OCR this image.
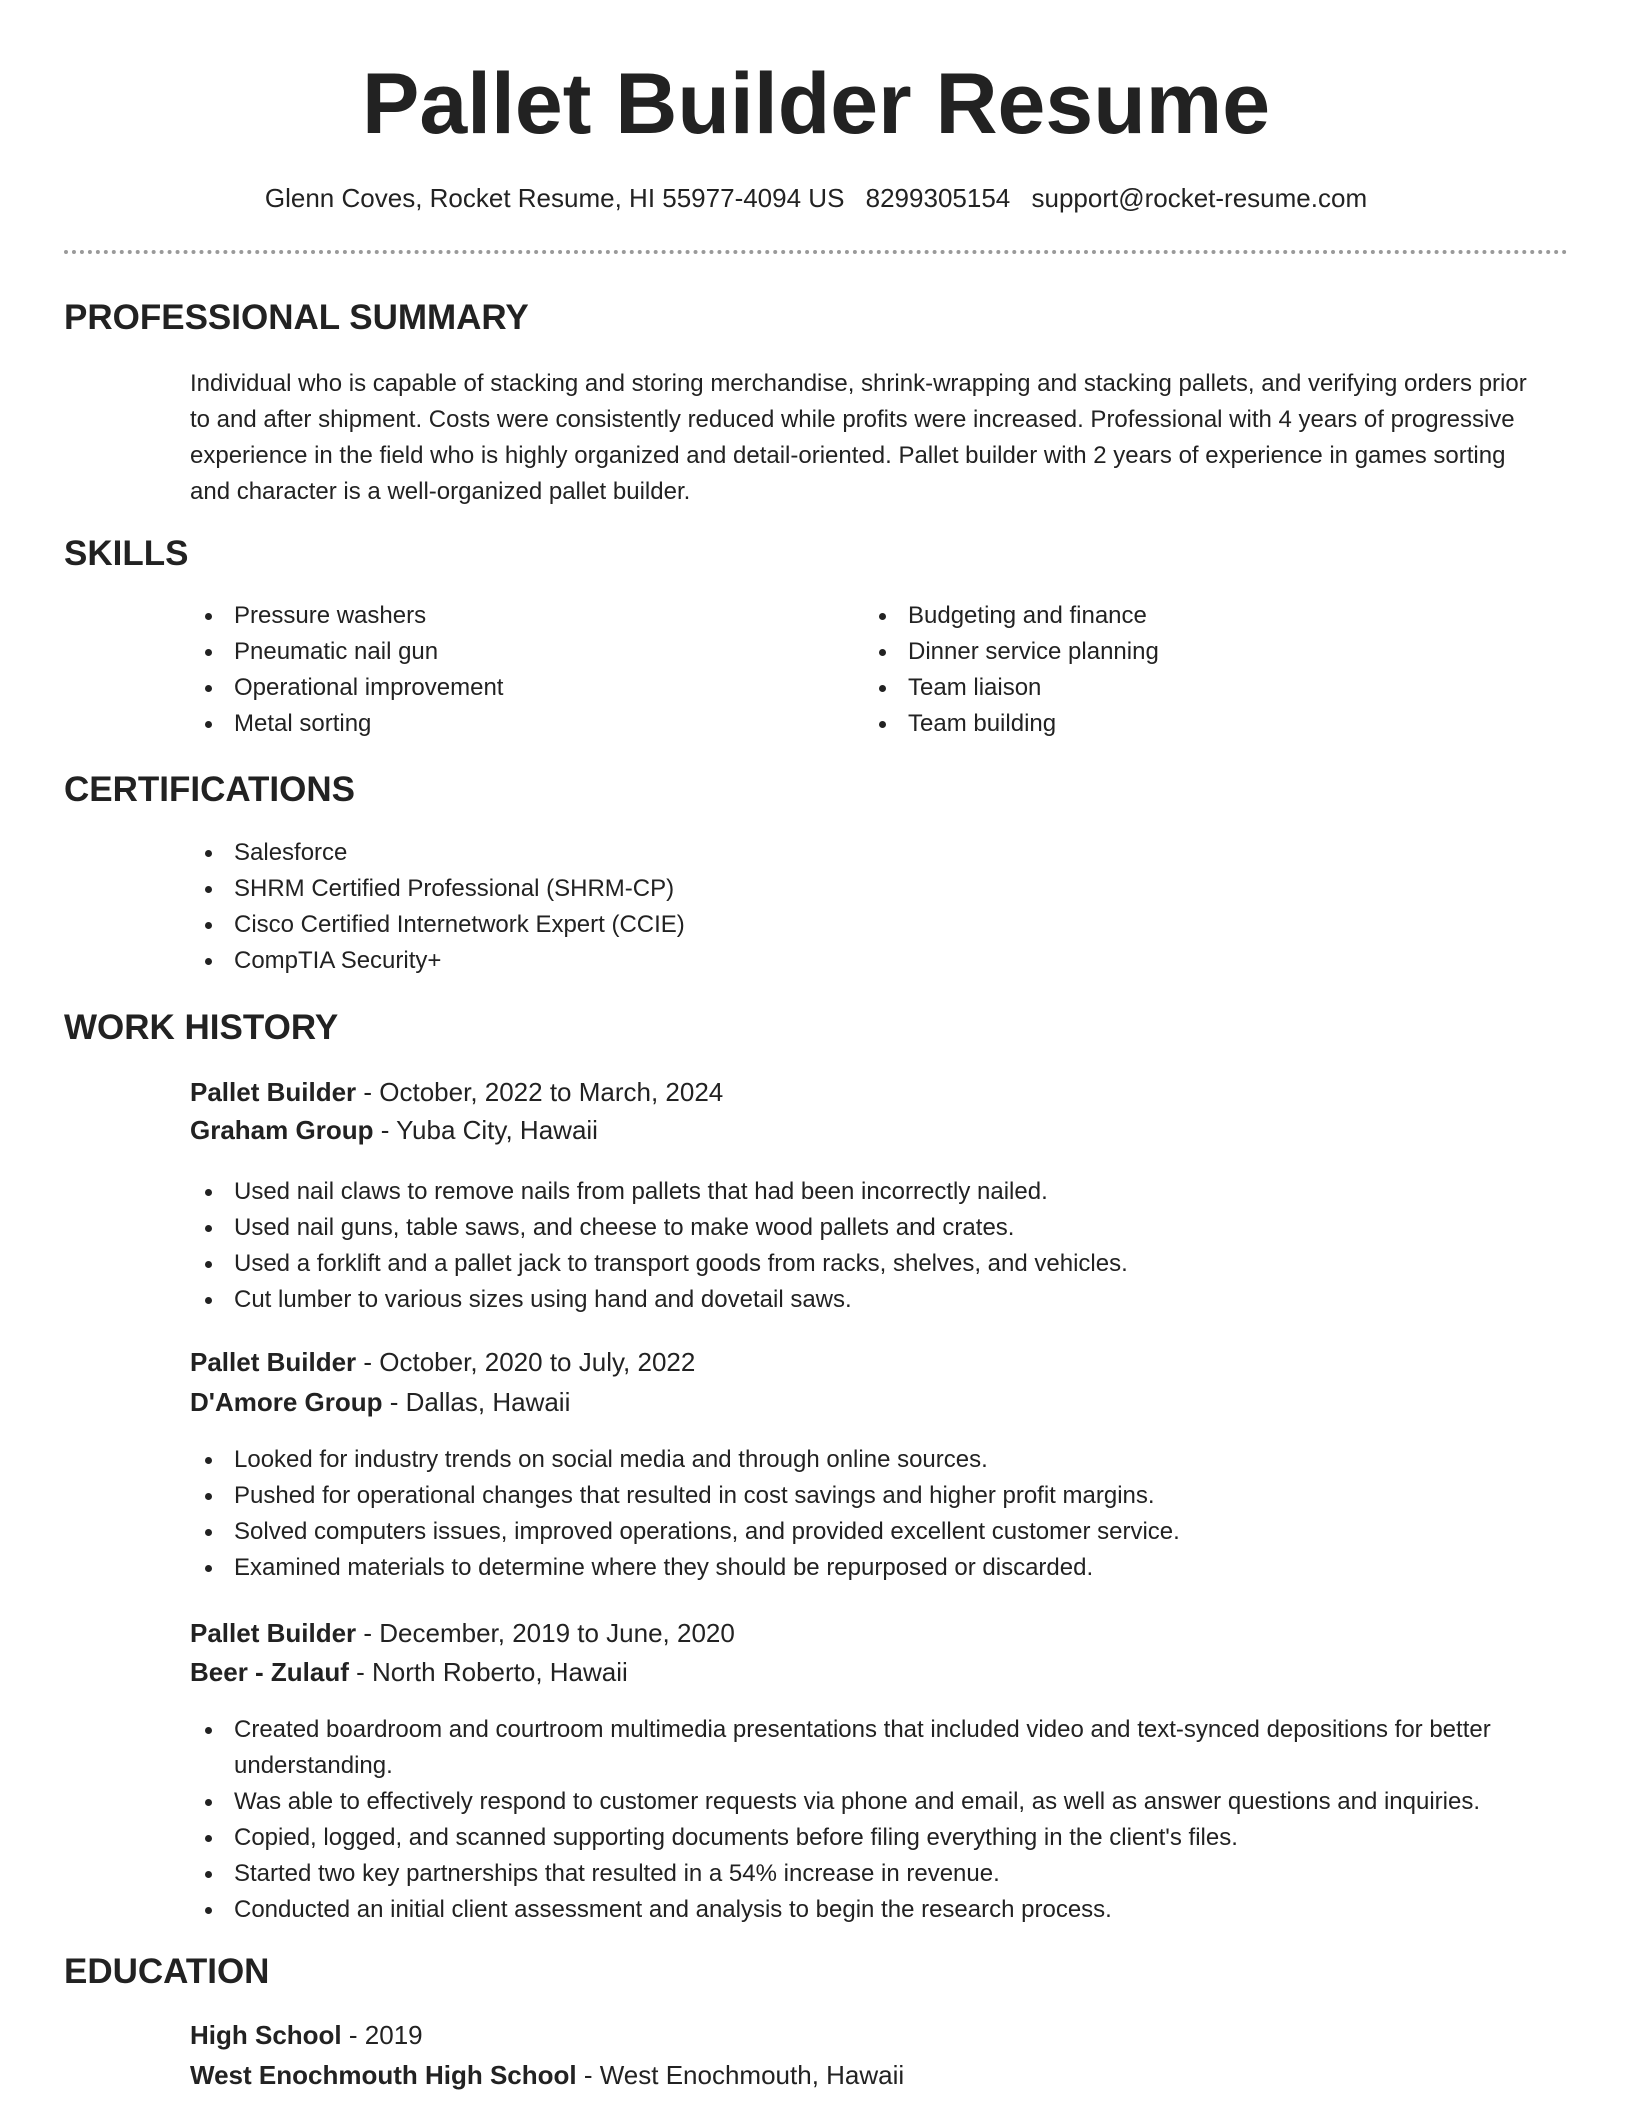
Pallet Builder Resume
Glenn Coves, Rocket Resume, HI 55977-4094 US 8299305154 support@rocket-resume.com
PROFESSIONAL SUMMARY

Individual who is capable of stacking and storing merchandise, shrink-wrapping and stacking pallets, and verifying orders prior to and after shipment. Costs were consistently reduced while profits were increased. Professional with 4 years of progressive experience in the field who is highly organized and detail-oriented. Pallet builder with 2 years of experience in games sorting and character is a well-organized pallet builder.

SKILLS
Pressure washers
Pneumatic nail gun
Operational improvement
Metal sorting
Budgeting and finance
Dinner service planning
Team liaison
Team building
CERTIFICATIONS
Salesforce
SHRM Certified Professional (SHRM-CP)
Cisco Certified Internetwork Expert (CCIE)
CompTIA Security+
WORK HISTORY
Pallet Builder - October, 2022 to March, 2024
Graham Group - Yuba City, Hawaii
Used nail claws to remove nails from pallets that had been incorrectly nailed.
Used nail guns, table saws, and cheese to make wood pallets and crates.
Used a forklift and a pallet jack to transport goods from racks, shelves, and vehicles.
Cut lumber to various sizes using hand and dovetail saws.
Pallet Builder - October, 2020 to July, 2022
D'Amore Group - Dallas, Hawaii
Looked for industry trends on social media and through online sources.
Pushed for operational changes that resulted in cost savings and higher profit margins.
Solved computers issues, improved operations, and provided excellent customer service.
Examined materials to determine where they should be repurposed or discarded.
Pallet Builder - December, 2019 to June, 2020
Beer - Zulauf - North Roberto, Hawaii
Created boardroom and courtroom multimedia presentations that included video and text-synced depositions for better understanding.
Was able to effectively respond to customer requests via phone and email, as well as answer questions and inquiries.
Copied, logged, and scanned supporting documents before filing everything in the client's files.
Started two key partnerships that resulted in a 54% increase in revenue.
Conducted an initial client assessment and analysis to begin the research process.
EDUCATION
High School - 2019
West Enochmouth High School - West Enochmouth, Hawaii
